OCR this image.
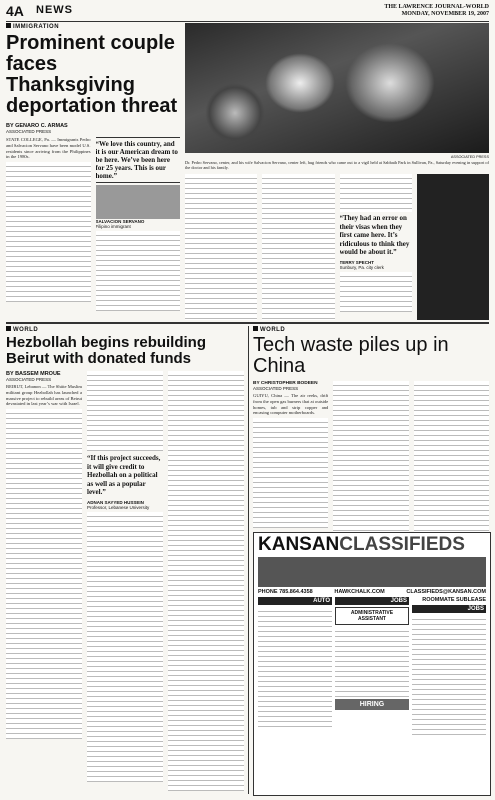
4A NEWS	THE LAWRENCE JOURNAL-WORLD
MONDAY, NOVEMBER 19, 2007
IMMIGRATION
Prominent couple faces Thanksgiving deportation threat
BY GENARO C. ARMAS
ASSOCIATED PRESS
STATE COLLEGE, Pa. — Immigrants Pedro and Salvacion Servano have been model U.S. residents since arriving from the Philippines in the 1980s.
“We love this country, and it is our American dream to be here. We’ve been here for 25 years. This is our home.”
SALVACION SERVANO
Filipino immigrant
ASSOCIATED PRESS
Dr. Pedro Servano, center, and his wife Salvacion Servano, center left, hug friends who came out to a vigil held at Sabbath Park in Sullivan, Pa., Saturday evening in support of the doctor and his family.
“They had an error on their visas when they first came here. It’s ridiculous to think they would be about it.”
TERRY SPECHT
Sunbury, Pa. city clerk
WORLD
Hezbollah begins rebuilding Beirut with donated funds
BY BASSEM MROUE
ASSOCIATED PRESS
BEIRUT, Lebanon — The Shiite Muslim militant group Hezbollah has launched a massive project to rebuild areas of Beirut devastated in last year’s war with Israel.
“If this project succeeds, it will give credit to Hezbollah on a political as well as a popular level.”
ADNAN SAYYED HUSSEIN
Professor, Lebanese University
WORLD
Tech waste piles up in China
BY CHRISTOPHER BODEEN
ASSOCIATED PRESS
GUIYU, China — The air reeks, drift from the open gas burners that at outside homes, tub and strip copper and encasing computer motherboards.
KANSANCLASSIFIEDS
PHONE 785.864.4358	HAWKCHALK.COM	CLASSIFIEDS@KANSAN.COM
AUTO	JOBS
ADMINISTRATIVE ASSISTANT
HIRING
ROOMMATE SUBLEASE
JOBS
